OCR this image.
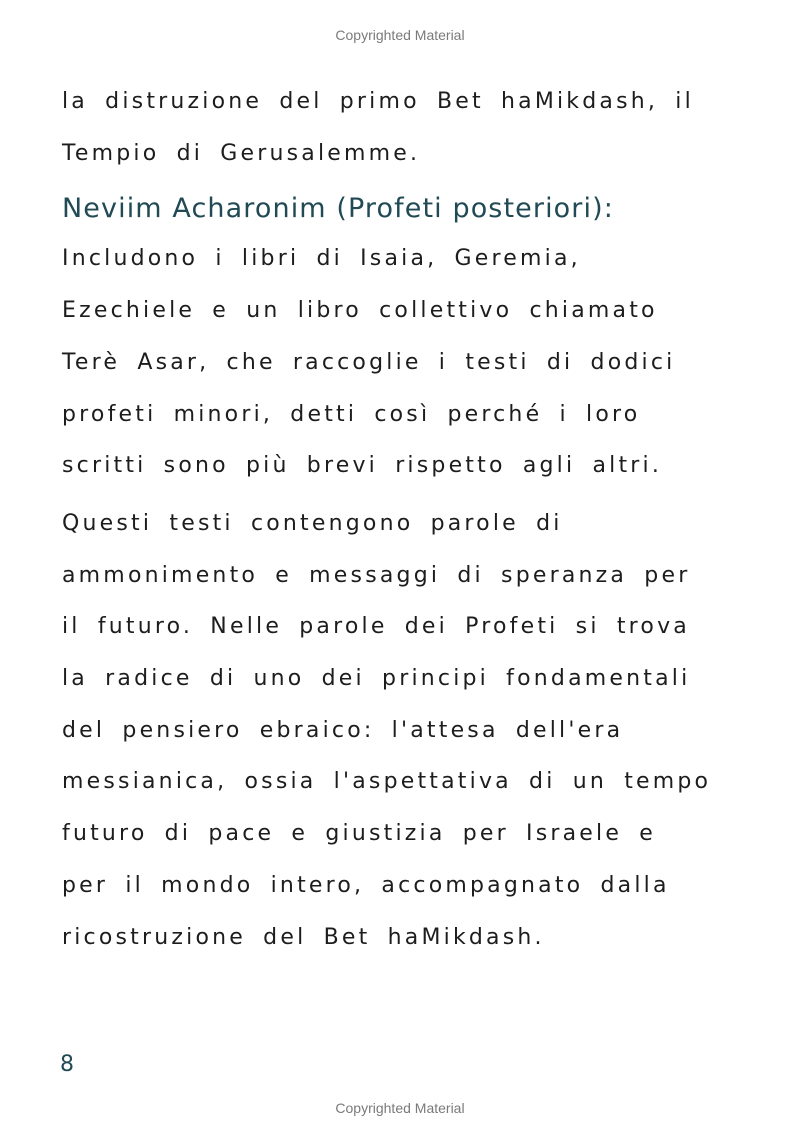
Copyrighted Material
la distruzione del primo Bet haMikdash, il
Tempio di Gerusalemme.
Neviim Acharonim (Profeti posteriori):
Includono i libri di Isaia, Geremia,
Ezechiele e un libro collettivo chiamato
Terè Asar, che raccoglie i testi di dodici
profeti minori, detti così perché i loro
scritti sono più brevi rispetto agli altri.
Questi testi contengono parole di
ammonimento e messaggi di speranza per
il futuro. Nelle parole dei Profeti si trova
la radice di uno dei principi fondamentali
del pensiero ebraico: l'attesa dell'era
messianica, ossia l'aspettativa di un tempo
futuro di pace e giustizia per Israele e
per il mondo intero, accompagnato dalla
ricostruzione del Bet haMikdash.
8
Copyrighted Material
